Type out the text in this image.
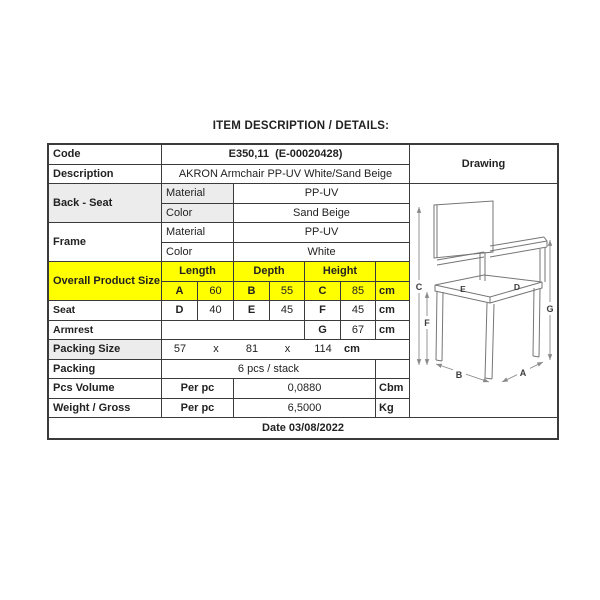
ITEM DESCRIPTION / DETAILS:
Code	E350,11  (E-00020428)
Drawing
Description	AKRON Armchair PP-UV White/Sand Beige
Back - Seat
Material	PP-UV
Color	Sand Beige
Frame
Material	PP-UV
Color	White
Overall Product Size
Length	Depth	Height
A	60	B	55	C	85	cm
Seat	D	40	E	45	F	45	cm
Armrest	G	67	cm
Packing Size	57	x	81	x	114	cm
Packing	6 pcs / stack
Pcs Volume	Per pc	0,0880	Cbm
Weight / Gross	Per pc	6,5000	Kg
C
F
G
B	A
E	D
Date 03/08/2022
